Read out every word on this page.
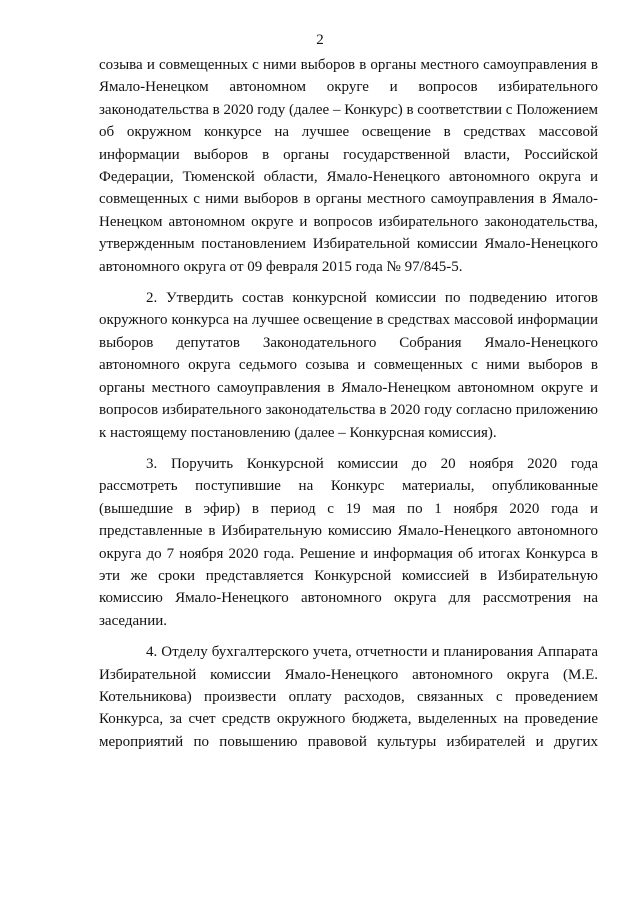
2

созыва и совмещенных с ними выборов в органы местного самоуправления в Ямало-Ненецком автономном округе и вопросов избирательного законодательства в 2020 году (далее – Конкурс) в соответствии с Положением об окружном конкурсе на лучшее освещение в средствах массовой информации выборов в органы государственной власти, Российской Федерации, Тюменской области, Ямало-Ненецкого автономного округа и совмещенных с ними выборов в органы местного самоуправления в Ямало-Ненецком автономном округе и вопросов избирательного законодательства, утвержденным постановлением Избирательной комиссии Ямало-Ненецкого автономного округа от 09 февраля 2015 года № 97/845-5.

2. Утвердить состав конкурсной комиссии по подведению итогов окружного конкурса на лучшее освещение в средствах массовой информации выборов депутатов Законодательного Собрания Ямало-Ненецкого автономного округа седьмого созыва и совмещенных с ними выборов в органы местного самоуправления в Ямало-Ненецком автономном округе и вопросов избирательного законодательства в 2020 году согласно приложению к настоящему постановлению (далее – Конкурсная комиссия).

3. Поручить Конкурсной комиссии до 20 ноября 2020 года рассмотреть поступившие на Конкурс материалы, опубликованные (вышедшие в эфир) в период с 19 мая по 1 ноября 2020 года и представленные в Избирательную комиссию Ямало-Ненецкого автономного округа до 7 ноября 2020 года. Решение и информация об итогах Конкурса в эти же сроки представляется Конкурсной комиссией в Избирательную комиссию Ямало-Ненецкого автономного округа для рассмотрения на заседании.

4. Отделу бухгалтерского учета, отчетности и планирования Аппарата Избирательной комиссии Ямало-Ненецкого автономного округа (М.Е. Котельникова) произвести оплату расходов, связанных с проведением Конкурса, за счет средств окружного бюджета, выделенных на проведение мероприятий по повышению правовой культуры избирателей и других
